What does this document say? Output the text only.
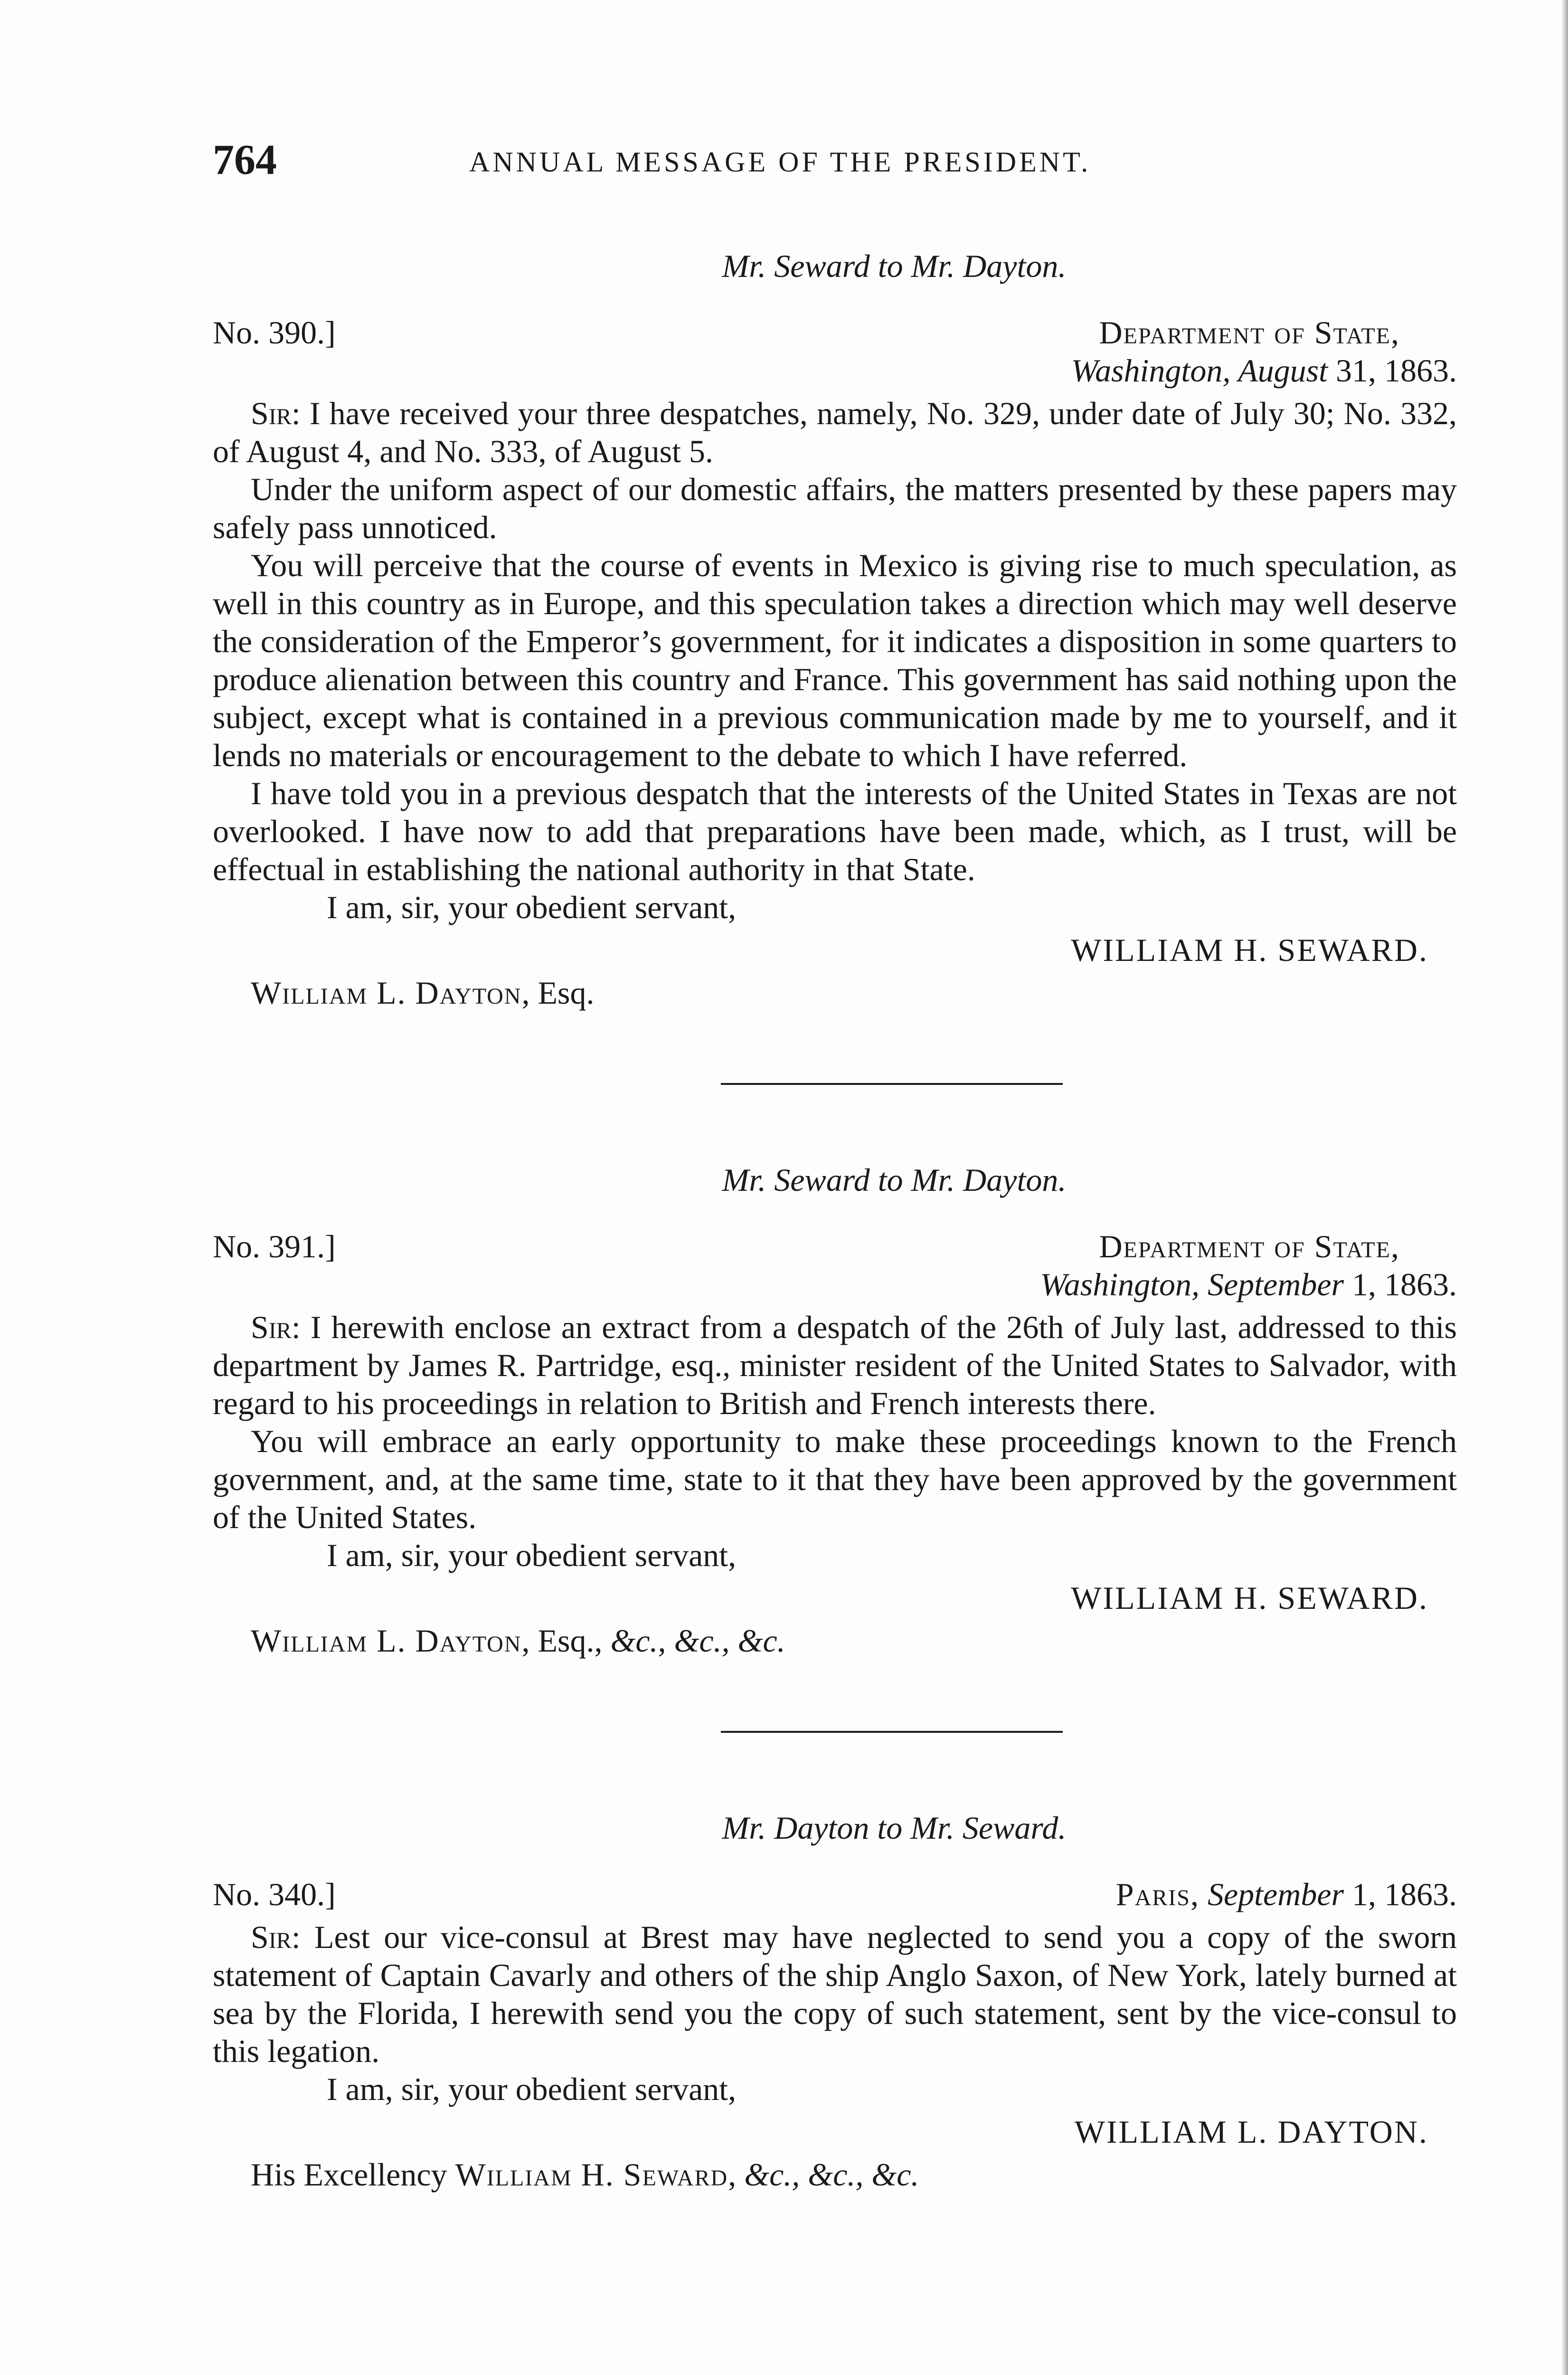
764	ANNUAL MESSAGE OF THE PRESIDENT.
Mr. Seward to Mr. Dayton.
No. 390.]	Department of State,
Washington, August 31, 1863.

Sir: I have received your three despatches, namely, No. 329, under date of July 30; No. 332, of August 4, and No. 333, of August 5.

Under the uniform aspect of our domestic affairs, the matters presented by these papers may safely pass unnoticed.

You will perceive that the course of events in Mexico is giving rise to much speculation, as well in this country as in Europe, and this speculation takes a direction which may well deserve the consideration of the Emperor’s government, for it indicates a disposition in some quarters to produce alienation between this country and France. This government has said nothing upon the subject, except what is contained in a previous communication made by me to yourself, and it lends no materials or encouragement to the debate to which I have referred.

I have told you in a previous despatch that the interests of the United States in Texas are not overlooked. I have now to add that preparations have been made, which, as I trust, will be effectual in establishing the national authority in that State.

I am, sir, your obedient servant,

WILLIAM H. SEWARD.
William L. Dayton, Esq.
Mr. Seward to Mr. Dayton.
No. 391.]	Department of State,
Washington, September 1, 1863.

Sir: I herewith enclose an extract from a despatch of the 26th of July last, addressed to this department by James R. Partridge, esq., minister resident of the United States to Salvador, with regard to his proceedings in relation to British and French interests there.

You will embrace an early opportunity to make these proceedings known to the French government, and, at the same time, state to it that they have been approved by the government of the United States.

I am, sir, your obedient servant,

WILLIAM H. SEWARD.
William L. Dayton, Esq., &c., &c., &c.
Mr. Dayton to Mr. Seward.
No. 340.]	Paris, September 1, 1863.

Sir: Lest our vice-consul at Brest may have neglected to send you a copy of the sworn statement of Captain Cavarly and others of the ship Anglo Saxon, of New York, lately burned at sea by the Florida, I herewith send you the copy of such statement, sent by the vice-consul to this legation.

I am, sir, your obedient servant,

WILLIAM L. DAYTON.
His Excellency William H. Seward, &c., &c., &c.
